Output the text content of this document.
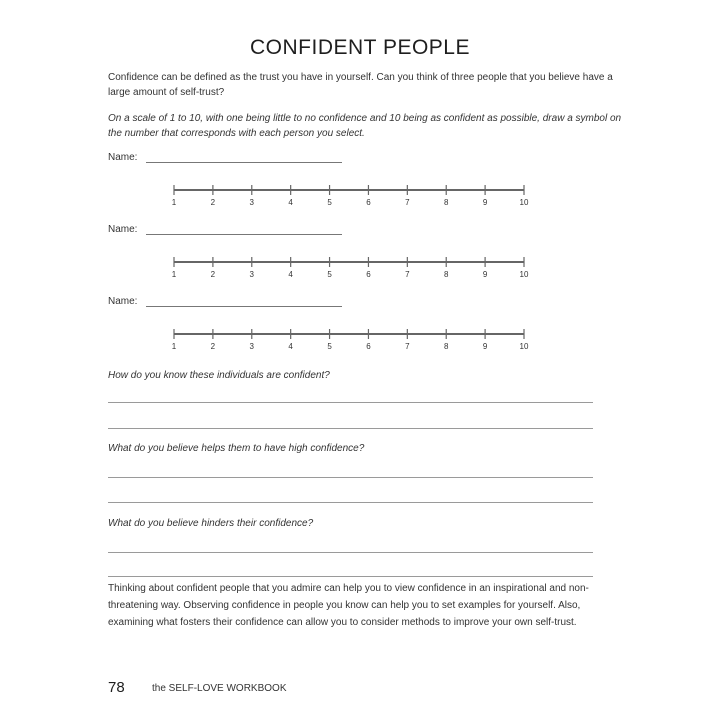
CONFIDENT PEOPLE
Confidence can be defined as the trust you have in yourself. Can you think of three people that you believe have a large amount of self-trust?
On a scale of 1 to 10, with one being little to no confidence and 10 being as confident as possible, draw a symbol on the number that corresponds with each person you select.
Name:
1	2	3	4	5	6	7	8	9	10
Name:
1	2	3	4	5	6	7	8	9	10
Name:
1	2	3	4	5	6	7	8	9	10
How do you know these individuals are confident?
What do you believe helps them to have high confidence?
What do you believe hinders their confidence?
Thinking about confident people that you admire can help you to view confidence in an inspirational and non-threatening way. Observing confidence in people you know can help you to set examples for yourself. Also, examining what fosters their confidence can allow you to consider methods to improve your own self-trust.
78	the SELF-LOVE WORKBOOK
